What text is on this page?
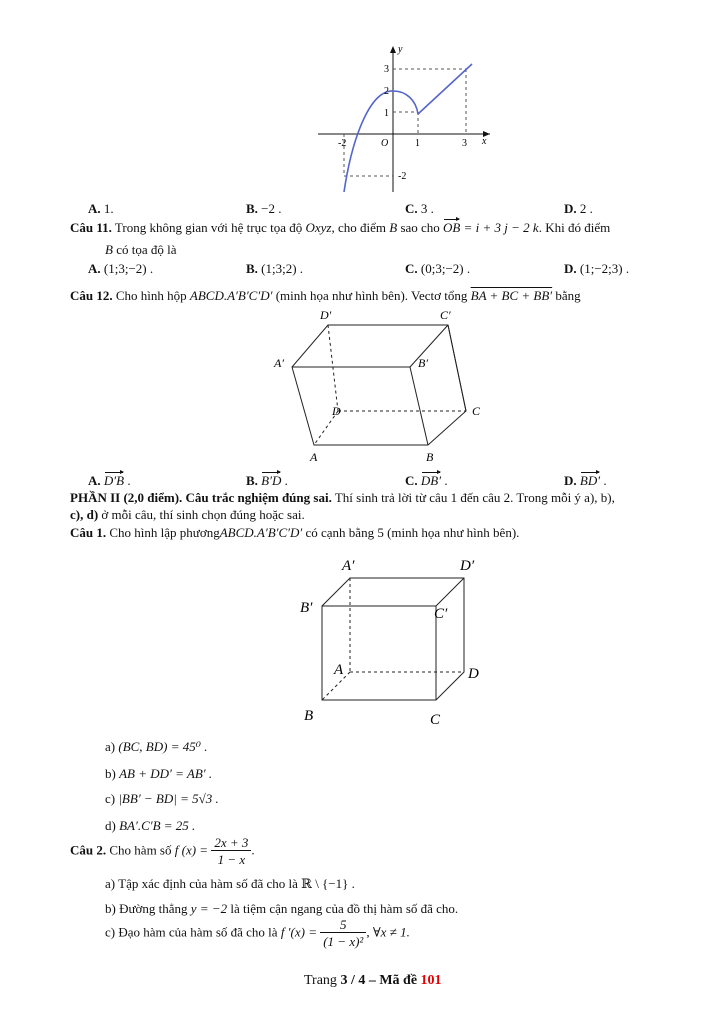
y
x
O
3
2
1
-2
-2	1	3
A. 1.	B. −2 .	C. 3 .	D. 2 .
Câu 11. Trong không gian với hệ trục tọa độ Oxyz, cho điểm B sao cho OB = i + 3 j − 2 k. Khi đó điểm
B có tọa độ là
A. (1;3;−2) .	B. (1;3;2) .	C. (0;3;−2) .	D. (1;−2;3) .
Câu 12. Cho hình hộp ABCD.A′B′C′D′ (minh họa như hình bên). Vectơ tổng BA + BC + BB′ bằng
D′	C′
A′	B′
D	C
A	B
A. D′B .	B. B′D .	C. DB′ .	D. BD′ .
PHẦN II (2,0 điểm). Câu trắc nghiệm đúng sai. Thí sinh trả lời từ câu 1 đến câu 2. Trong mỗi ý a), b),
c), d) ở mỗi câu, thí sinh chọn đúng hoặc sai.
Câu 1. Cho hình lập phươngABCD.A′B′C′D′ có cạnh bằng 5 (minh họa như hình bên).
A′	D′
B′	C′
A	D
B	C
a) (BC, BD) = 45⁰ .
b) AB + DD′ = AB′ .
c) |BB′ − BD| = 5√3 .
d) BA′.C′B = 25 .
Câu 2. Cho hàm số f $(x) = \frac{2x + 3}{1 - x}$ .
a) Tập xác định của hàm số đã cho là ℝ \ {−1} .
b) Đường thẳng y = −2 là tiệm cận ngang của đồ thị hàm số đã cho.
c) Đạo hàm của hàm số đã cho là f $'(x) = \frac{5}{\text{(1 − x)²}}$ , ∀x ≠ 1.
Trang 3 / 4 – Mã đề 101
